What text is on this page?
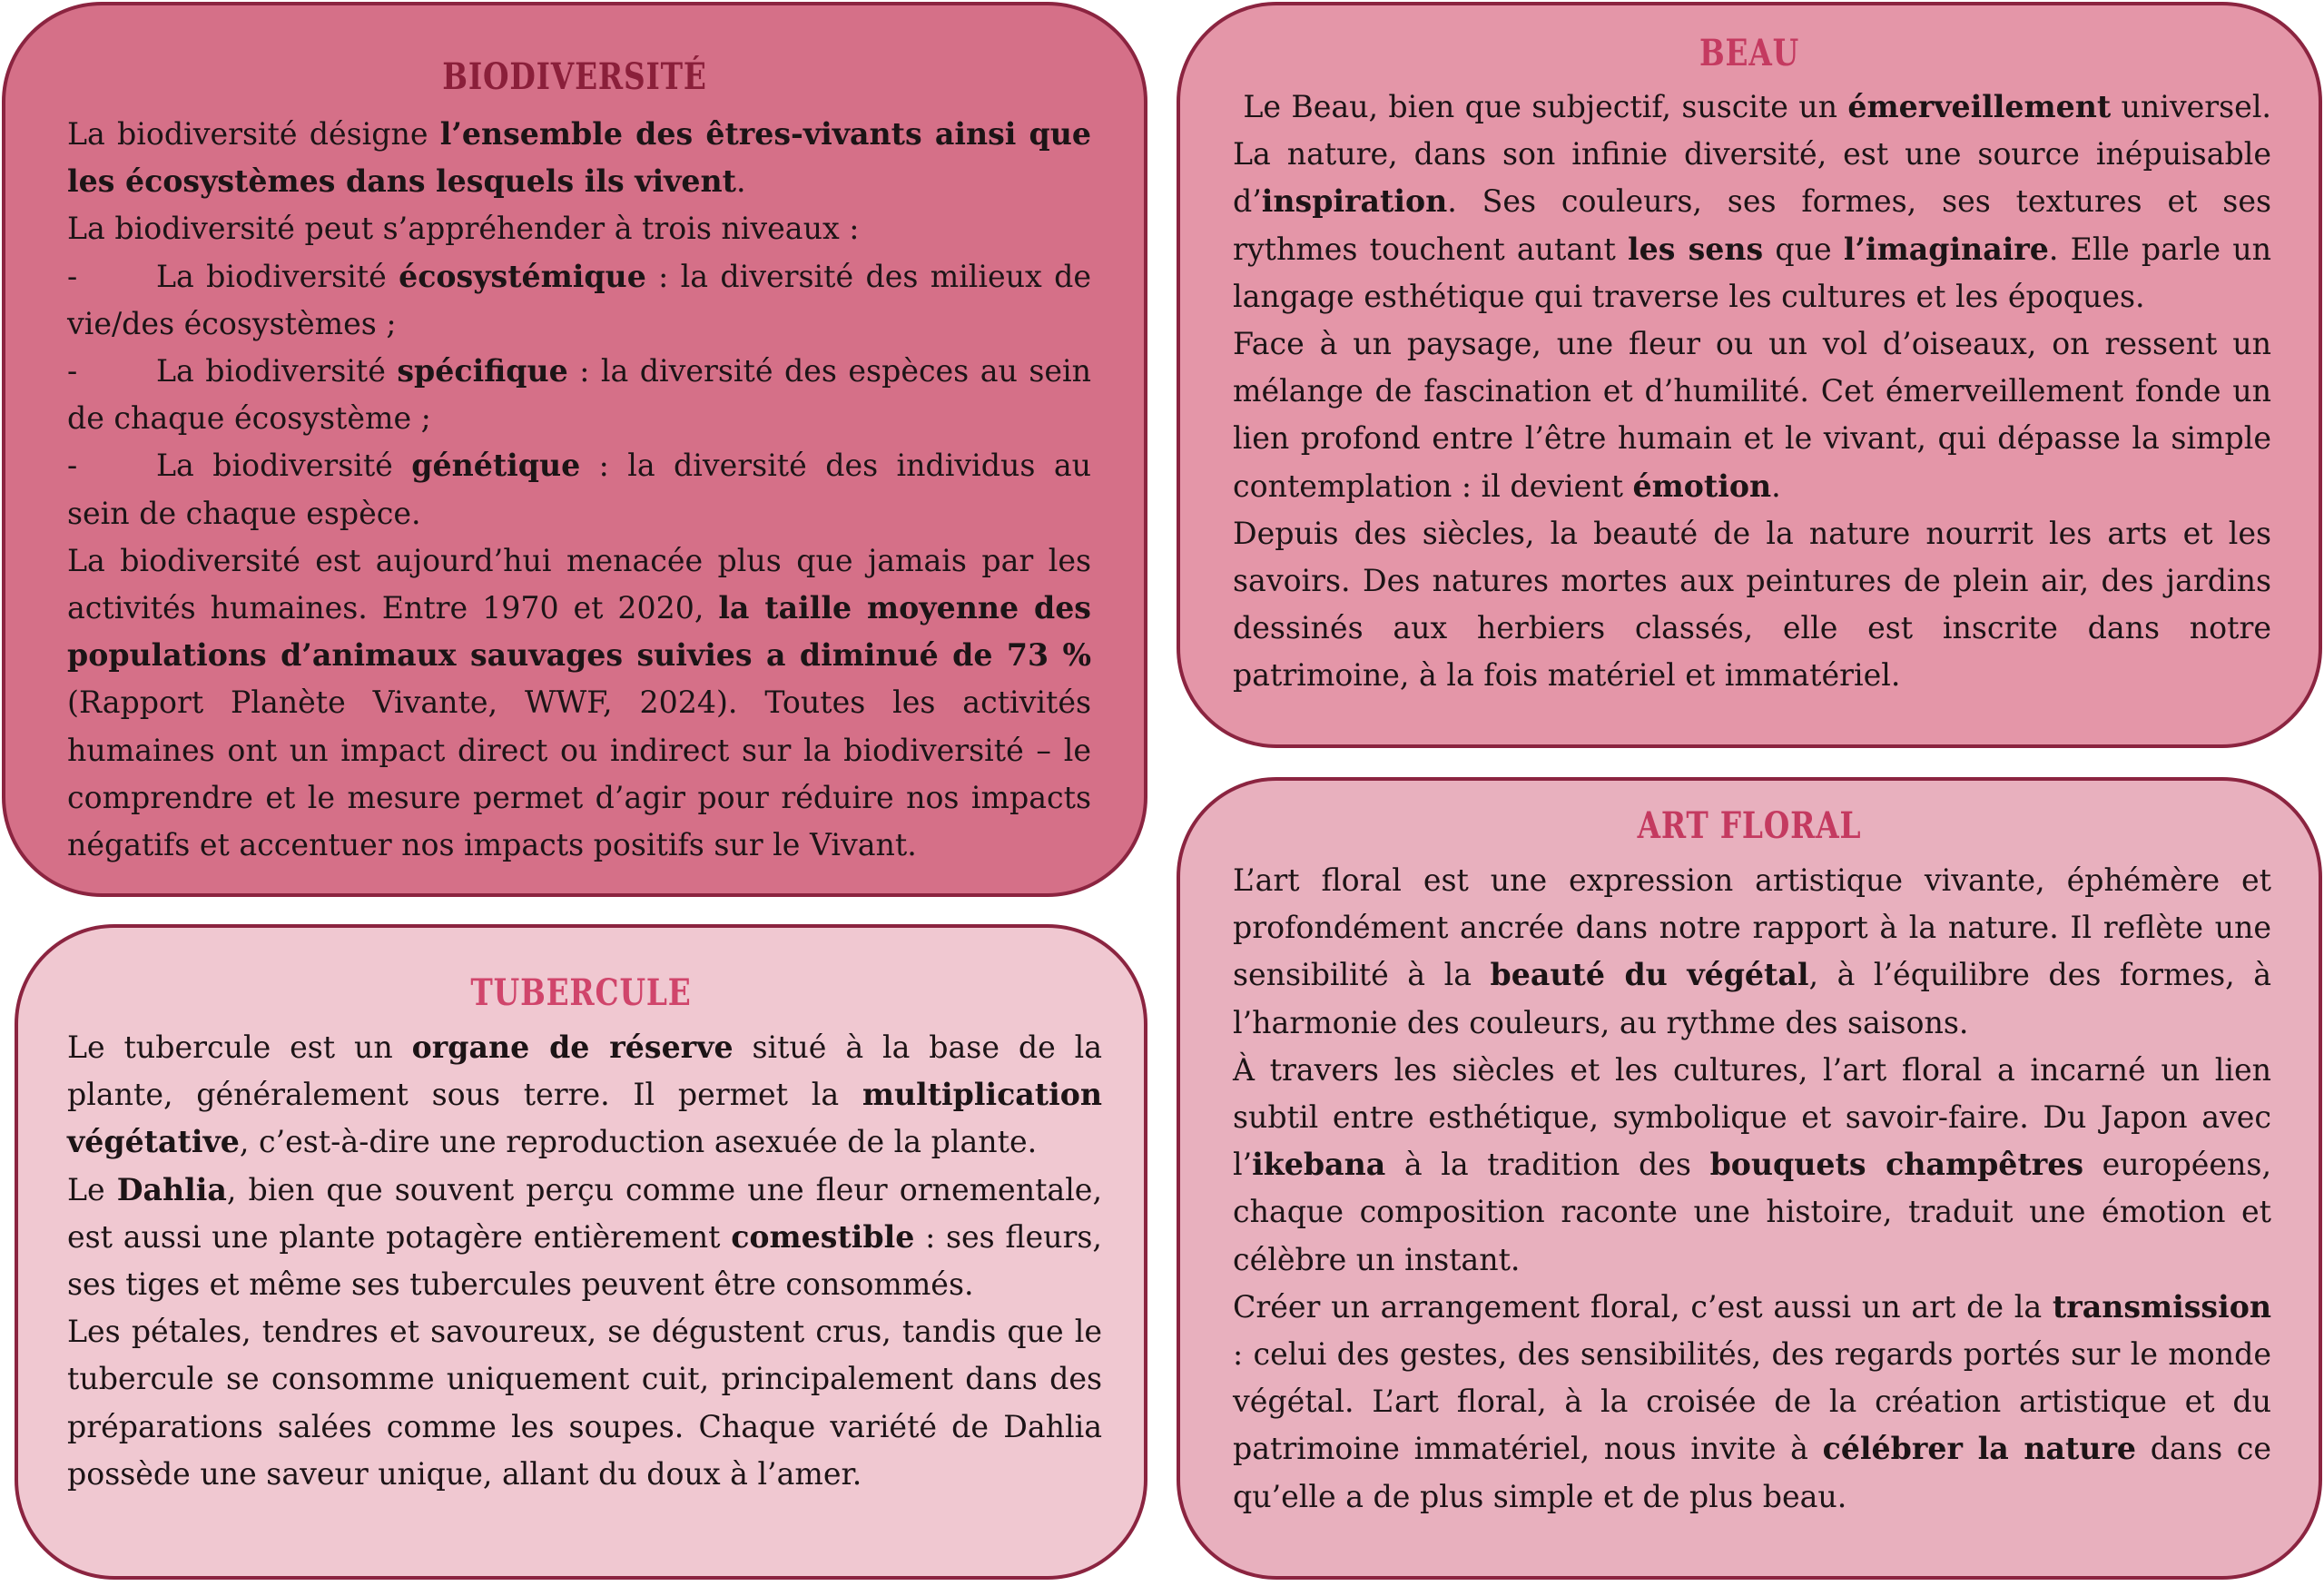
BIODIVERSITÉ

La biodiversité désigne l’ensemble des êtres-vivants ainsi que les écosystèmes dans lesquels ils vivent.

La biodiversité peut s’appréhender à trois niveaux :

-	La biodiversité écosystémique : la diversité des milieux de vie/des écosystèmes ;

-	La biodiversité spécifique : la diversité des espèces au sein de chaque écosystème ;

-	La biodiversité génétique : la diversité des individus au sein de chaque espèce.

La biodiversité est aujourd’hui menacée plus que jamais par les activités humaines. Entre 1970 et 2020, la taille moyenne des populations d’animaux sauvages suivies a diminué de 73 % (Rapport Planète Vivante, WWF, 2024). Toutes les activités humaines ont un impact direct ou indirect sur la biodiversité – le comprendre et le mesure permet d’agir pour réduire nos impacts négatifs et accentuer nos impacts positifs sur le Vivant.

BEAU

Le Beau, bien que subjectif, suscite un émerveillement universel. La nature, dans son infinie diversité, est une source inépuisable d’inspiration. Ses couleurs, ses formes, ses textures et ses rythmes touchent autant les sens que l’imaginaire. Elle parle un langage esthétique qui traverse les cultures et les époques.

Face à un paysage, une fleur ou un vol d’oiseaux, on ressent un mélange de fascination et d’humilité. Cet émerveillement fonde un lien profond entre l’être humain et le vivant, qui dépasse la simple contemplation : il devient émotion.

Depuis des siècles, la beauté de la nature nourrit les arts et les savoirs. Des natures mortes aux peintures de plein air, des jardins dessinés aux herbiers classés, elle est inscrite dans notre patrimoine, à la fois matériel et immatériel.

TUBERCULE

Le tubercule est un organe de réserve situé à la base de la plante, généralement sous terre. Il permet la multiplication végétative, c’est-à-dire une reproduction asexuée de la plante.

Le Dahlia, bien que souvent perçu comme une fleur ornementale, est aussi une plante potagère entièrement comestible : ses fleurs, ses tiges et même ses tubercules peuvent être consommés.

Les pétales, tendres et savoureux, se dégustent crus, tandis que le tubercule se consomme uniquement cuit, principalement dans des préparations salées comme les soupes. Chaque variété de Dahlia possède une saveur unique, allant du doux à l’amer.

ART FLORAL

L’art floral est une expression artistique vivante, éphémère et profondément ancrée dans notre rapport à la nature. Il reflète une sensibilité à la beauté du végétal, à l’équilibre des formes, à l’harmonie des couleurs, au rythme des saisons.

À travers les siècles et les cultures, l’art floral a incarné un lien subtil entre esthétique, symbolique et savoir-faire. Du Japon avec l’ikebana à la tradition des bouquets champêtres européens, chaque composition raconte une histoire, traduit une émotion et célèbre un instant.

Créer un arrangement floral, c’est aussi un art de la transmission : celui des gestes, des sensibilités, des regards portés sur le monde végétal. L’art floral, à la croisée de la création artistique et du patrimoine immatériel, nous invite à célébrer la nature dans ce qu’elle a de plus simple et de plus beau.
